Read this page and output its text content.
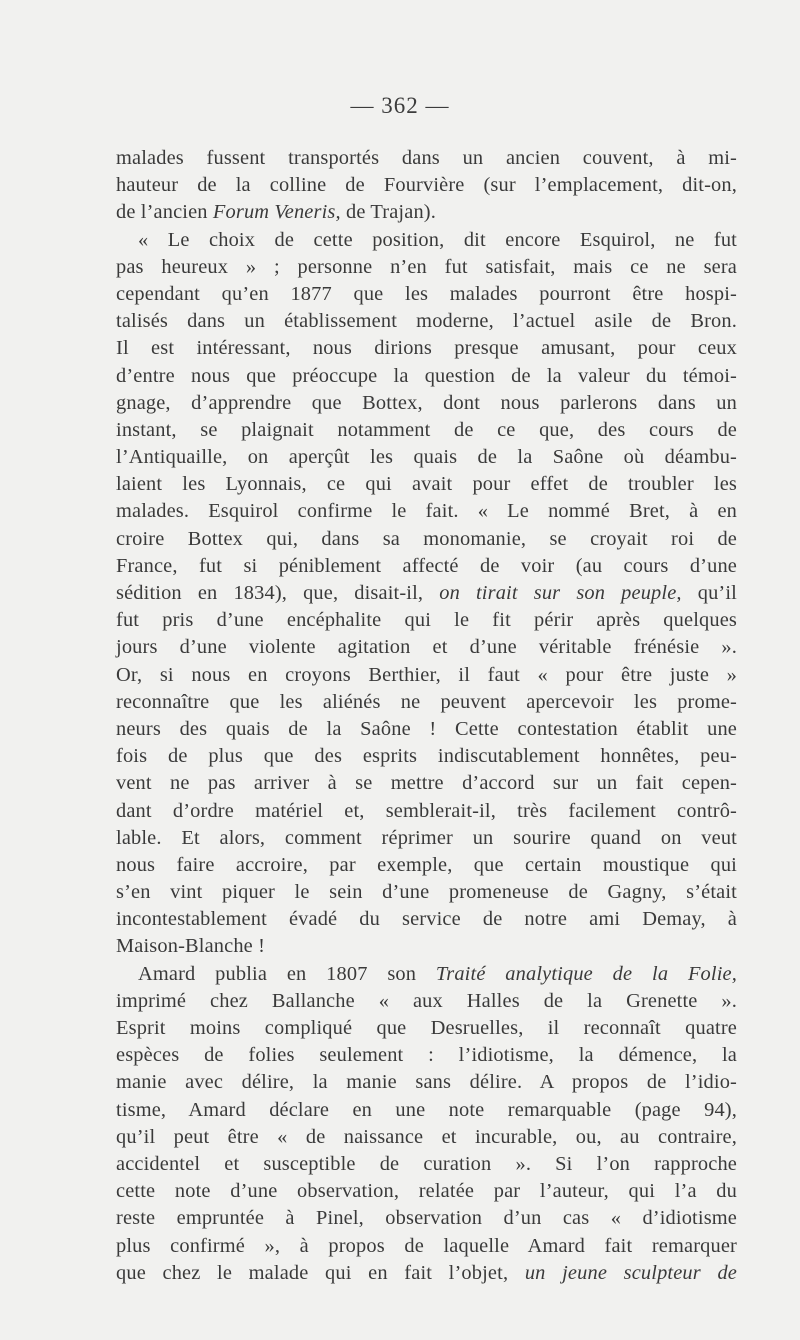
— 362 —
malades fussent transportés dans un ancien couvent, à mi-
hauteur de la colline de Fourvière (sur l’emplacement, dit-on,
de l’ancien Forum Veneris, de Trajan).
« Le choix de cette position, dit encore Esquirol, ne fut
pas heureux » ; personne n’en fut satisfait, mais ce ne sera
cependant qu’en 1877 que les malades pourront être hospi-
talisés dans un établissement moderne, l’actuel asile de Bron.
Il est intéressant, nous dirions presque amusant, pour ceux
d’entre nous que préoccupe la question de la valeur du témoi-
gnage, d’apprendre que Bottex, dont nous parlerons dans un
instant, se plaignait notamment de ce que, des cours de
l’Antiquaille, on aperçût les quais de la Saône où déambu-
laient les Lyonnais, ce qui avait pour effet de troubler les
malades. Esquirol confirme le fait. « Le nommé Bret, à en
croire Bottex qui, dans sa monomanie, se croyait roi de
France, fut si péniblement affecté de voir (au cours d’une
sédition en 1834), que, disait-il, on tirait sur son peuple, qu’il
fut pris d’une encéphalite qui le fit périr après quelques
jours d’une violente agitation et d’une véritable frénésie ».
Or, si nous en croyons Berthier, il faut « pour être juste »
reconnaître que les aliénés ne peuvent apercevoir les prome-
neurs des quais de la Saône ! Cette contestation établit une
fois de plus que des esprits indiscutablement honnêtes, peu-
vent ne pas arriver à se mettre d’accord sur un fait cepen-
dant d’ordre matériel et, semblerait-il, très facilement contrô-
lable. Et alors, comment réprimer un sourire quand on veut
nous faire accroire, par exemple, que certain moustique qui
s’en vint piquer le sein d’une promeneuse de Gagny, s’était
incontestablement évadé du service de notre ami Demay, à
Maison-Blanche !
Amard publia en 1807 son Traité analytique de la Folie,
imprimé chez Ballanche « aux Halles de la Grenette ».
Esprit moins compliqué que Desruelles, il reconnaît quatre
espèces de folies seulement : l’idiotisme, la démence, la
manie avec délire, la manie sans délire. A propos de l’idio-
tisme, Amard déclare en une note remarquable (page 94),
qu’il peut être « de naissance et incurable, ou, au contraire,
accidentel et susceptible de curation ». Si l’on rapproche
cette note d’une observation, relatée par l’auteur, qui l’a du
reste empruntée à Pinel, observation d’un cas « d’idiotisme
plus confirmé », à propos de laquelle Amard fait remarquer
que chez le malade qui en fait l’objet, un jeune sculpteur de
